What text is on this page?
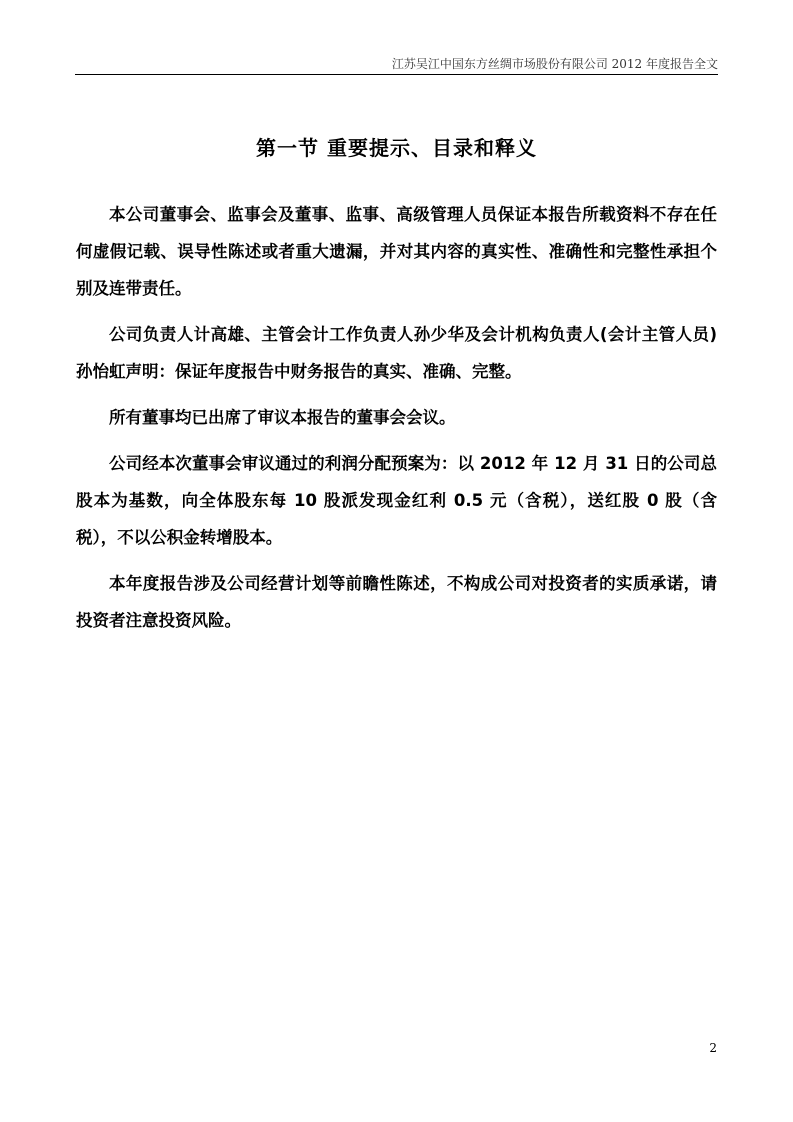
江苏吴江中国东方丝绸市场股份有限公司 2012 年度报告全文
第一节 重要提示、目录和释义

本公司董事会、监事会及董事、监事、高级管理人员保证本报告所载资料不存在任何虚假记载、误导性陈述或者重大遗漏，并对其内容的真实性、准确性和完整性承担个别及连带责任。

公司负责人计高雄、主管会计工作负责人孙少华及会计机构负责人(会计主管人员)孙怡虹声明：保证年度报告中财务报告的真实、准确、完整。

所有董事均已出席了审议本报告的董事会会议。

公司经本次董事会审议通过的利润分配预案为：以 2012 年 12 月 31 日的公司总股本为基数，向全体股东每 10 股派发现金红利 0.5 元（含税），送红股 0 股（含税），不以公积金转增股本。

本年度报告涉及公司经营计划等前瞻性陈述，不构成公司对投资者的实质承诺，请投资者注意投资风险。

2
